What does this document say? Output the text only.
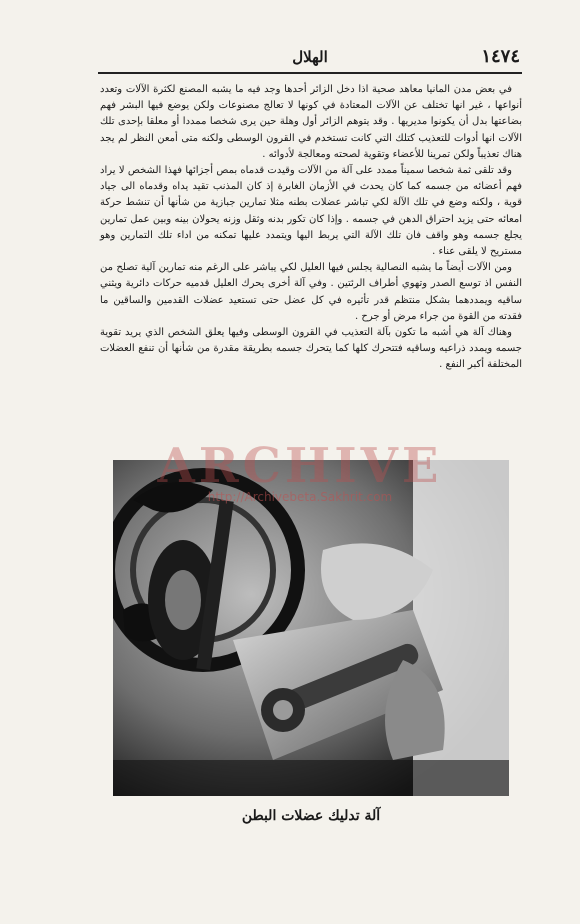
١٤٧٤
الهلال

في بعض مدن المانيا معاهد صحية اذا دخل الزائر أحدها وجد فيه ما يشبه المصنع لكثرة الآلات وتعدد أنواعها ، غير انها تختلف عن الآلات المعتادة في كونها لا تعالج مصنوعات ولكن يوضع فيها البشر فهم بضاعتها بدل أن يكونوا مديريها . وقد يتوهم الزائر أول وهلة حين يرى شخصا ممددا أو معلقا بإحدى تلك الآلات انها أدوات للتعذيب كتلك التي كانت تستخدم في القرون الوسطى ولكنه متى أمعن النظر لم يجد هناك تعذيباً ولكن تمرينا للأعضاء وتقوية لصحته ومعالجة لأدوائه .

وقد تلقى ثمة شخصا سميناً ممدد على آلة من الآلات وقيدت قدماه بمص أجزائها فهذا الشخص لا يراد فهم أعضائه من جسمه كما كان يحدث في الأزمان الغابرة إذ كان المذنب تقيد يداه وقدماه الى جياد قوية ، ولكنه وضع في تلك الآلة لكي تباشر عضلات بطنه مثلا تمارين جبازية من شأنها أن تنشط حركة امعائه حتى يزيد احتراق الدهن في جسمه . وإذا كان تكور بدنه وثقل وزنه يحولان بينه وبين عمل تمارين يجلع جسمه وهو واقف فان تلك الآلة التي يربط اليها ويتمدد عليها تمكنه من اداء تلك التمارين وهو مستريح لا يلقى عناء .

ومن الآلات أيضاً ما يشبه النصالية يجلس فيها العليل لكي يباشر على الرغم منه تمارين آلية تصلح من النفس اذ توسع الصدر وتهوي أطراف الرئتين . وفي آلة أخرى يحرك العليل قدميه حركات دائرية ويثني ساقيه ويمددهما بشكل منتظم قدر تأثيره في كل عضل حتى تستعيد عضلات القدمين والساقين ما فقدته من القوة من جراء مرض أو جرح .

وهناك آلة هي أشبه ما تكون بآلة التعذيب في القرون الوسطى وفيها يعلق الشخص الذي يريد تقوية جسمه ويمدد ذراعيه وساقيه فتتحرك كلها كما يتحرك جسمه بطريقة مقدرة من شأنها أن تنفع العضلات المختلفة أكبر النفع .

ARCHIVE
http://Archivebeta.Sakhrit.com
آلة تدليك عضلات البطن
